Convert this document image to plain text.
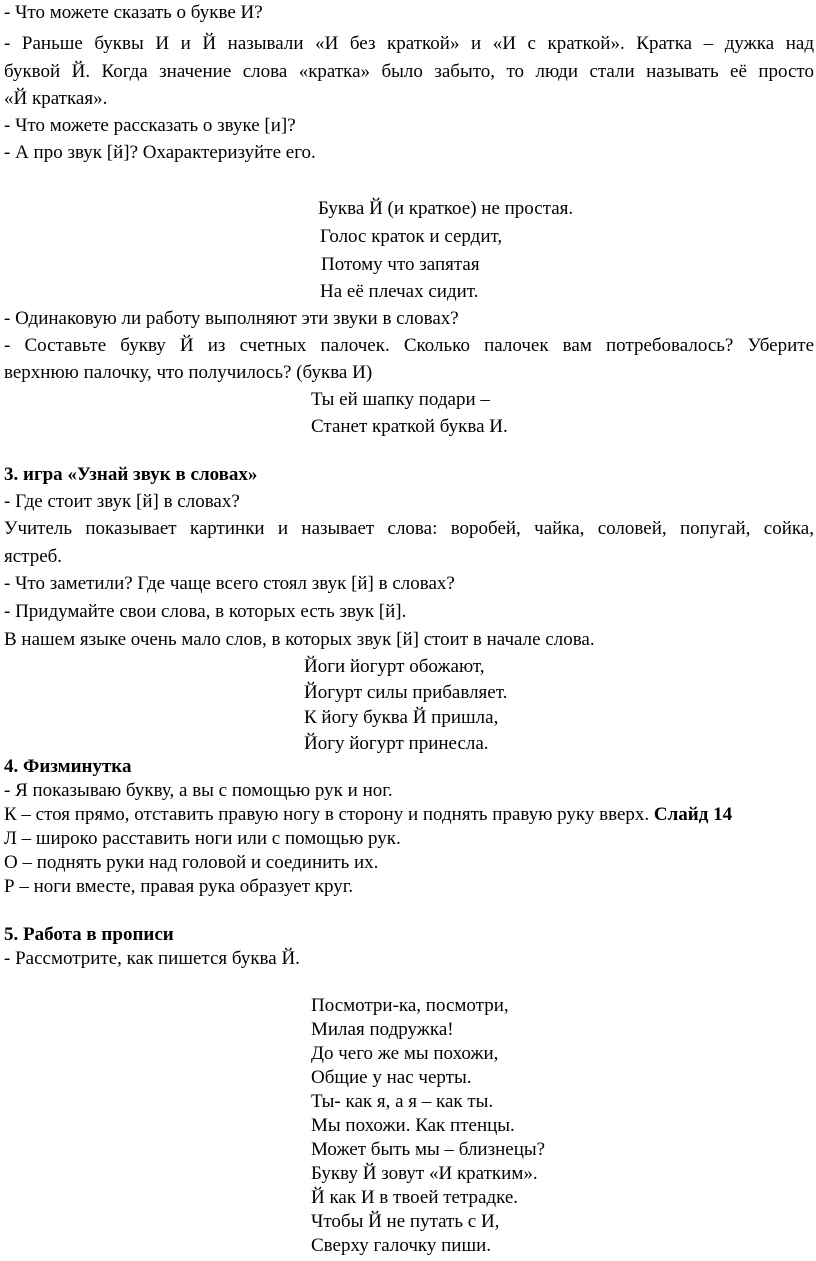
- Что можете сказать о букве И?
- Раньше буквы И и Й называли «И без краткой» и «И с краткой». Кратка – дужка над
буквой Й. Когда значение слова «кратка» было забыто, то люди стали называть её просто
«Й краткая».
- Что можете рассказать о звуке [и]?
- А про звук [й]? Охарактеризуйте его.
Буква Й (и краткое) не простая.
Голос краток и сердит,
Потому что запятая
На её плечах сидит.
- Одинаковую ли работу выполняют эти звуки в словах?
- Составьте букву Й из счетных палочек. Сколько палочек вам потребовалось? Уберите
верхнюю палочку, что получилось? (буква И)
Ты ей шапку подари –
Станет краткой буква И.
3. игра «Узнай звук в словах»
- Где стоит звук [й] в словах?
Учитель показывает картинки и называет слова: воробей, чайка, соловей, попугай, сойка,
ястреб.
- Что заметили? Где чаще всего стоял звук [й] в словах?
- Придумайте свои слова, в которых есть звук [й].
В нашем языке очень мало слов, в которых звук [й] стоит в начале слова.
Йоги йогурт обожают,
Йогурт силы прибавляет.
К йогу буква Й пришла,
Йогу йогурт принесла.
4. Физминутка
- Я показываю букву, а вы с помощью рук и ног.
К – стоя прямо, отставить правую ногу в сторону и поднять правую руку вверх. Слайд 14
Л – широко расставить ноги или с помощью рук.
О – поднять руки над головой и соединить их.
Р – ноги вместе, правая рука образует круг.
5. Работа в прописи
- Рассмотрите, как пишется буква Й.
Посмотри-ка, посмотри,
Милая подружка!
До чего же мы похожи,
Общие у нас черты.
Ты- как я, а я – как ты.
Мы похожи. Как птенцы.
Может быть мы – близнецы?
Букву Й зовут «И кратким».
Й как И в твоей тетрадке.
Чтобы Й не путать с И,
Сверху галочку пиши.
